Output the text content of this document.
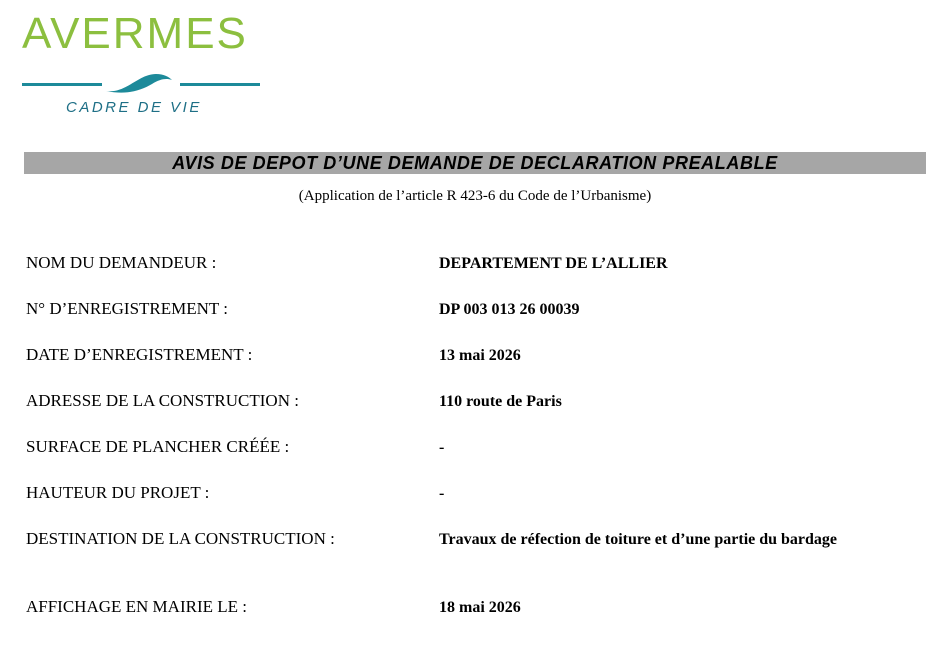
AVERMES
CADRE DE VIE
AVIS DE DEPOT D’UNE DEMANDE DE DECLARATION PREALABLE
(Application de l’article R 423-6 du Code de l’Urbanisme)
NOM DU DEMANDEUR :	DEPARTEMENT DE L’ALLIER
N° D’ENREGISTREMENT :	DP 003 013 26 00039
DATE D’ENREGISTREMENT :	13 mai 2026
ADRESSE DE LA CONSTRUCTION :	110 route de Paris
SURFACE DE PLANCHER CRÉÉE :	-
HAUTEUR DU PROJET :	-
DESTINATION DE LA CONSTRUCTION :	Travaux de réfection de toiture et d’une partie du bardage
AFFICHAGE EN MAIRIE LE :	18 mai 2026
